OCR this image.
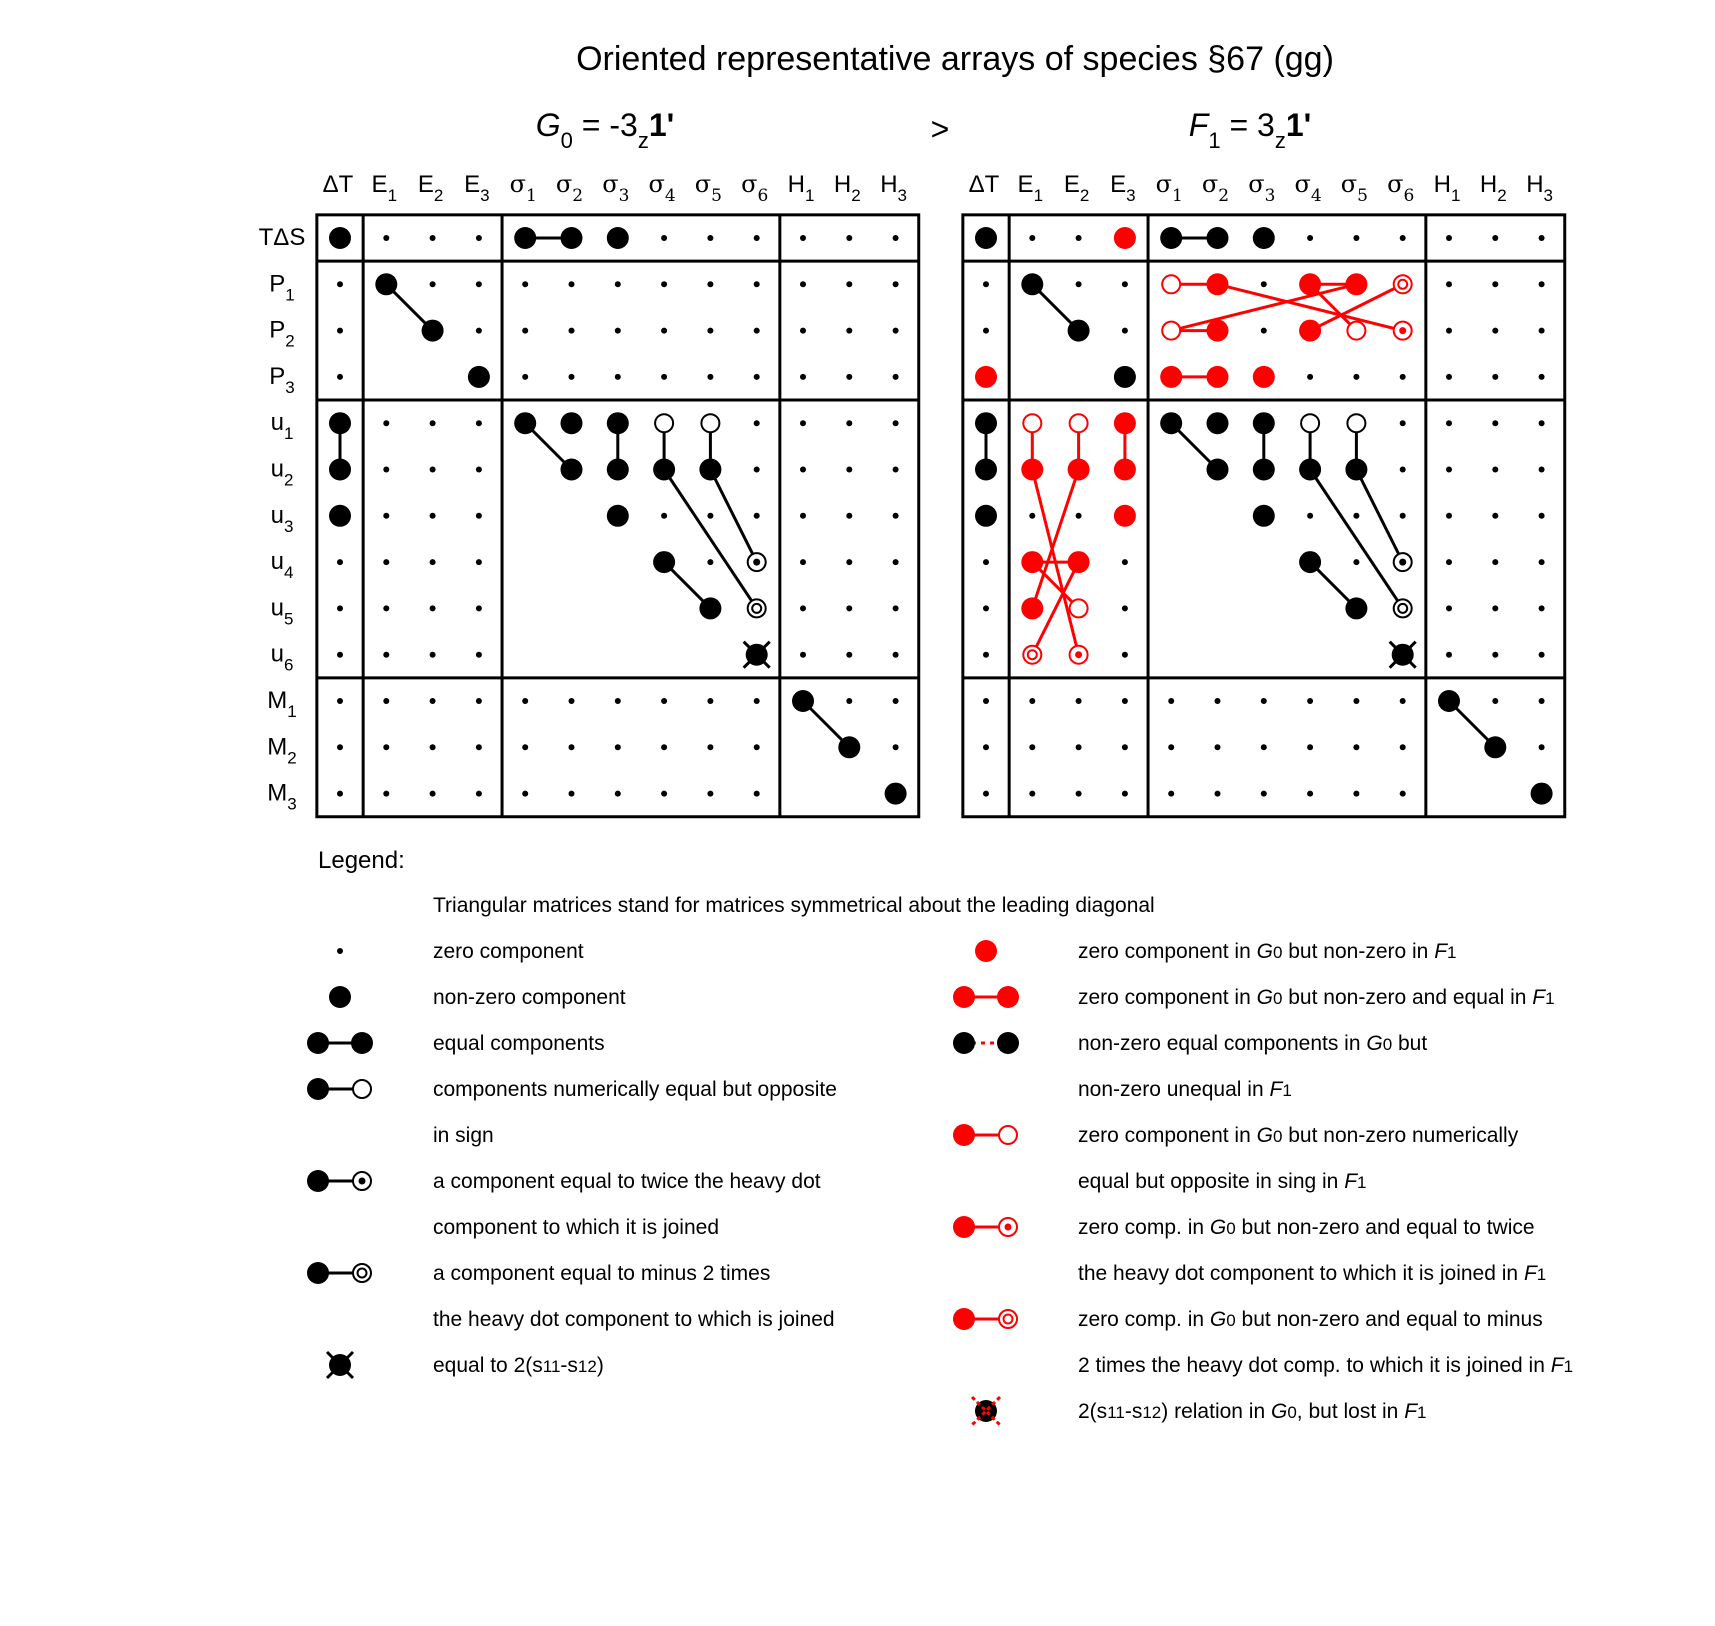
Oriented representative arrays of species §67 (gg)
>
$G_0 = -3_z1'$	$F_1 = 3_z1'$
ΔT $E_1$ $E_2$ $E_3$ $\sigma_1$ $\sigma_2$ $\sigma_3$ $\sigma_4$ $\sigma_5$ $\sigma_6$ $H_1$ $H_2$ $H_3$
TΔS
$P_1$
$P_2$
$P_3$
$u_1$
$u_2$
$u_3$
$u_4$
$u_5$
$u_6$
$M_1$
$M_2$
$M_3$
ΔT $E_1$ $E_2$ $E_3$ $\sigma_1$ $\sigma_2$ $\sigma_3$ $\sigma_4$ $\sigma_5$ $\sigma_6$ $H_1$ $H_2$ $H_3$
Legend:
Triangular matrices stand for matrices symmetrical about the leading diagonal
zero component
non-zero component
equal components
components numerically equal but opposite
in sign
a component equal to twice the heavy dot
component to which it is joined
a component equal to minus 2 times
the heavy dot component to which is joined
equal to 2(s11-s12)
zero component in G0 but non-zero in F1
zero component in G0 but non-zero and equal in F1
non-zero equal components in G0 but
non-zero unequal in F1
zero component in G0 but non-zero numerically
equal but opposite in sing in F1
zero comp. in G0 but non-zero and equal to twice
the heavy dot component to which it is joined in F1
zero comp. in G0 but non-zero and equal to minus
2 times the heavy dot comp. to which it is joined in F1
2(s11-s12) relation in G0, but lost in F1
